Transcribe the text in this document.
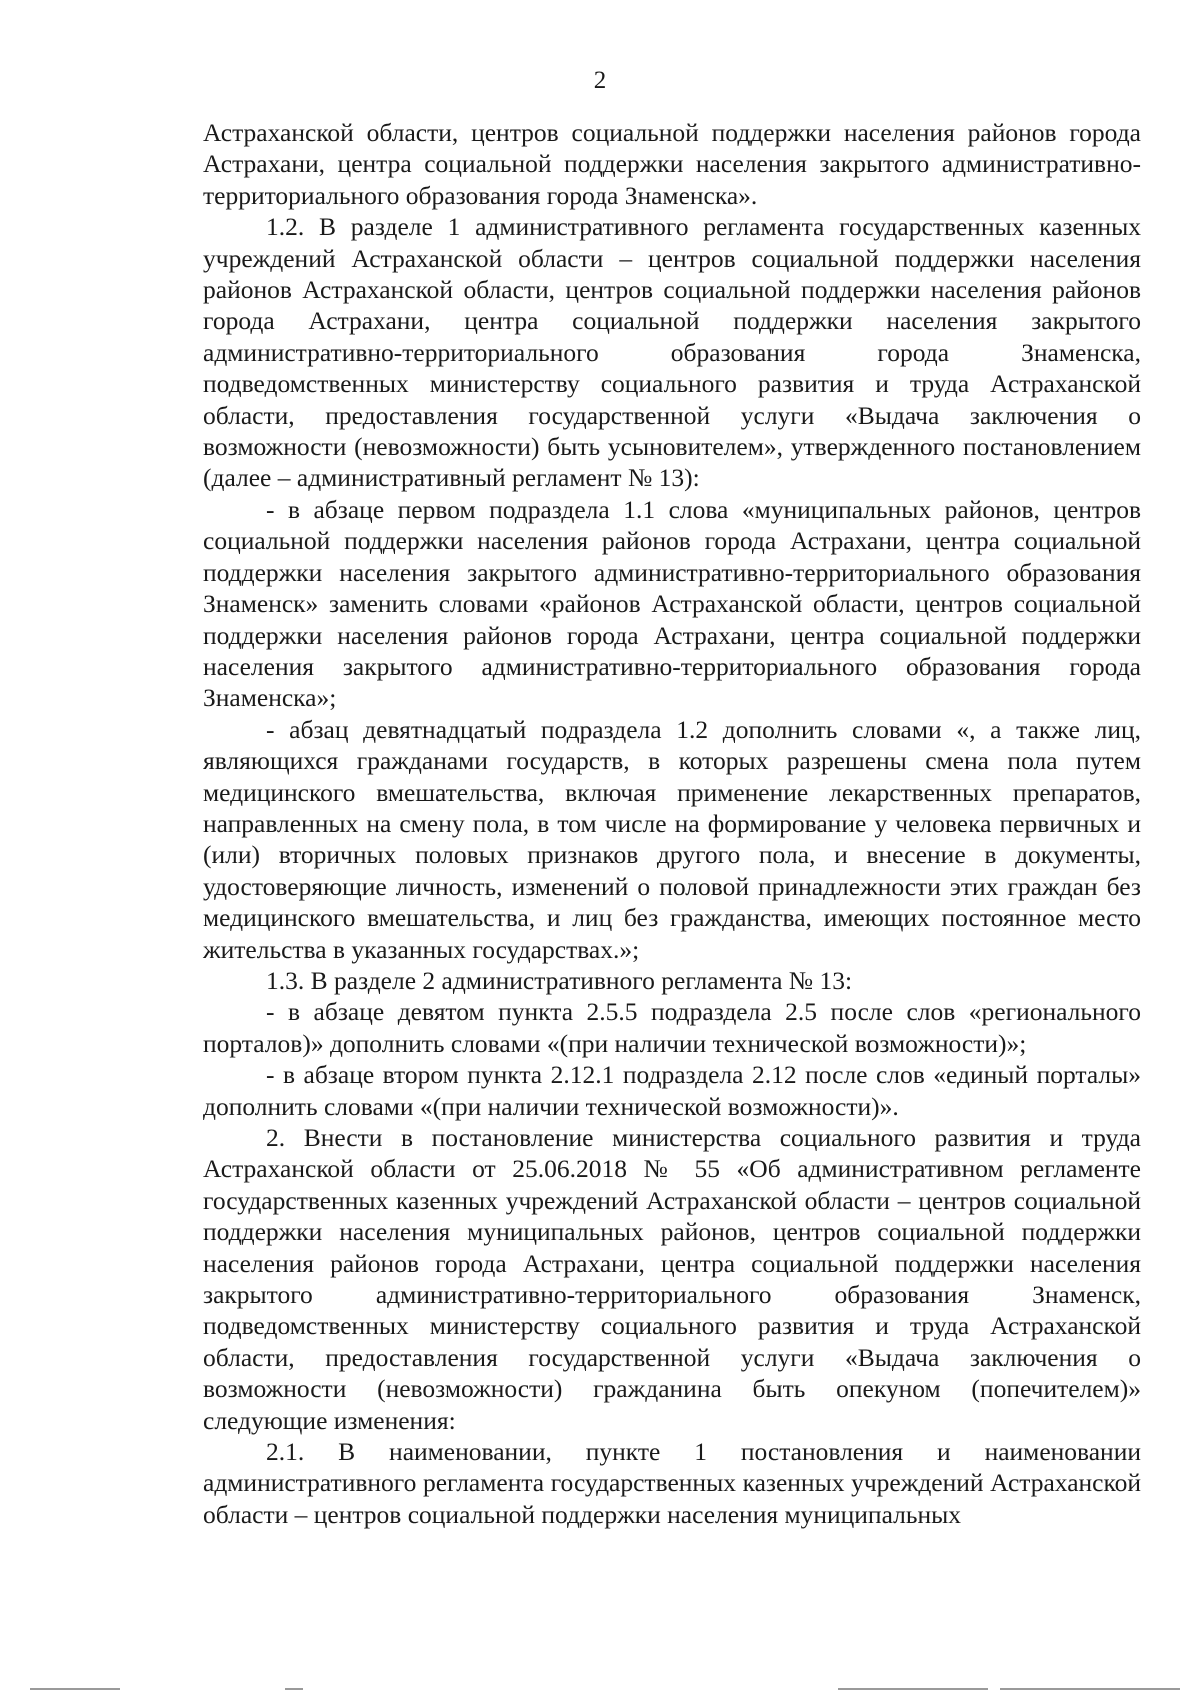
2

Астраханской области, центров социальной поддержки населения районов города Астрахани, центра социальной поддержки населения закрытого административно-территориального образования города Знаменска».

1.2. В разделе 1 административного регламента государственных казенных учреждений Астраханской области – центров социальной поддержки населения районов Астраханской области, центров социальной поддержки населения районов города Астрахани, центра социальной поддержки населения закрытого административно-территориального образования города Знаменска, подведомственных министерству социального развития и труда Астраханской области, предоставления государственной услуги «Выдача заключения о возможности (невозможности) быть усыновителем», утвержденного постановлением (далее – административный регламент № 13):

- в абзаце первом подраздела 1.1 слова «муниципальных районов, центров социальной поддержки населения районов города Астрахани, центра социальной поддержки населения закрытого административно-территориального образования Знаменск» заменить словами «районов Астраханской области, центров социальной поддержки населения районов города Астрахани, центра социальной поддержки населения закрытого административно-территориального образования города Знаменска»;

- абзац девятнадцатый подраздела 1.2 дополнить словами «, а также лиц, являющихся гражданами государств, в которых разрешены смена пола путем медицинского вмешательства, включая применение лекарственных препаратов, направленных на смену пола, в том числе на формирование у человека первичных и (или) вторичных половых признаков другого пола, и внесение в документы, удостоверяющие личность, изменений о половой принадлежности этих граждан без медицинского вмешательства, и лиц без гражданства, имеющих постоянное место жительства в указанных государствах.»;

1.3. В разделе 2 административного регламента № 13:

- в абзаце девятом пункта 2.5.5 подраздела 2.5 после слов «регионального порталов)» дополнить словами «(при наличии технической возможности)»;

- в абзаце втором пункта 2.12.1 подраздела 2.12 после слов «единый порталы» дополнить словами «(при наличии технической возможности)».

2. Внести в постановление министерства социального развития и труда Астраханской области от 25.06.2018 № 55 «Об административном регламенте государственных казенных учреждений Астраханской области – центров социальной поддержки населения муниципальных районов, центров социальной поддержки населения районов города Астрахани, центра социальной поддержки населения закрытого административно-территориального образования Знаменск, подведомственных министерству социального развития и труда Астраханской области, предоставления государственной услуги «Выдача заключения о возможности (невозможности) гражданина быть опекуном (попечителем)» следующие изменения:

2.1. В наименовании, пункте 1 постановления и наименовании административного регламента государственных казенных учреждений Астраханской области – центров социальной поддержки населения муниципальных
